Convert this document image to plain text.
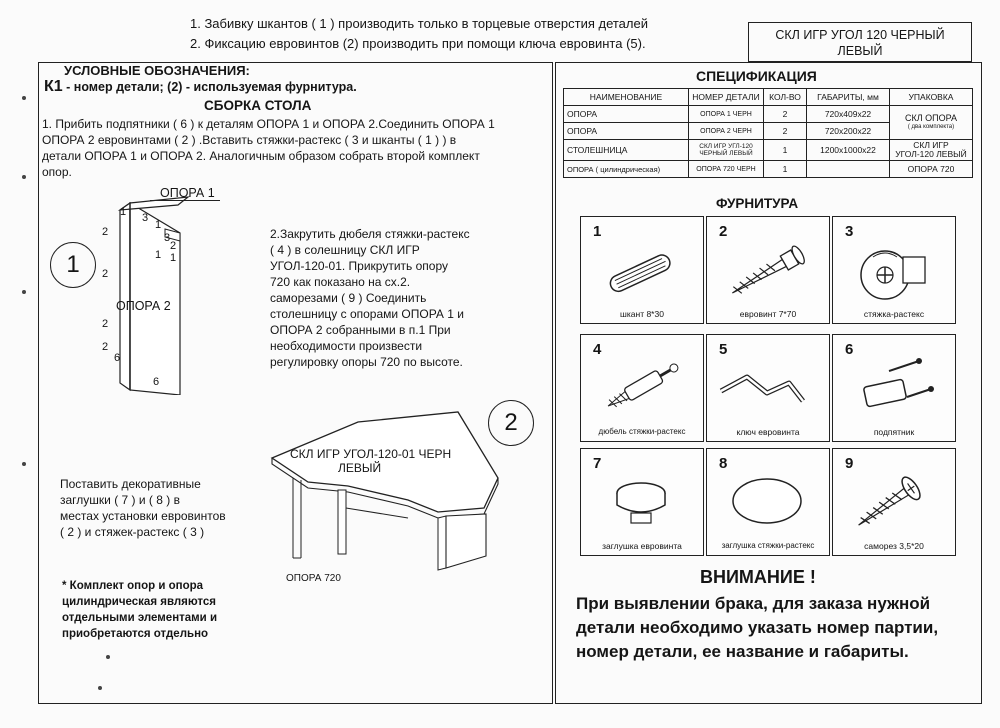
1. Забивку шкантов ( 1 ) производить только в торцевые отверстия деталей
2. Фиксацию евровинтов (2) производить при помощи ключа евровинта (5).
СКЛ ИГР УГОЛ 120 ЧЕРНЫЙ
ЛЕВЫЙ
УСЛОВНЫЕ ОБОЗНАЧЕНИЯ:
К1 - номер детали; (2) - используемая фурнитура.
СБОРКА СТОЛА
1. Прибить подпятники ( 6 ) к деталям ОПОРА 1 и ОПОРА 2.Соединить ОПОРА 1
ОПОРА 2 евровинтами ( 2 ) .Вставить стяжки-растекс ( 3 и шканты ( 1 ) ) в
детали ОПОРА 1 и ОПОРА 2. Аналогичным образом собрать второй комплект
опор.
1
ОПОРА 1
ОПОРА 2
1 3
1
3
2
2
1 1
2
2
2
6
6
2.Закрутить дюбеля стяжки-растекс
( 4 ) в солешницу СКЛ ИГР
УГОЛ-120-01. Прикрутить опору
720 как показано на сх.2.
саморезами ( 9 ) Соединить
столешницу с опорами ОПОРА 1 и
ОПОРА 2 собранными в п.1 При
необходимости произвести
регулировку опоры 720 по высоте.
2
СКЛ ИГР УГОЛ-120-01 ЧЕРН
ЛЕВЫЙ
ОПОРА 720
Поставить декоративные
заглушки ( 7 ) и ( 8 ) в
местах установки евровинтов
( 2 ) и стяжек-растекс ( 3 )
* Комплект опор и опора
цилиндрическая являются
отдельными элементами и
приобретаются отдельно
СПЕЦИФИКАЦИЯ
НАИМЕНОВАНИЕ	НОМЕР ДЕТАЛИ	КОЛ-ВО	ГАБАРИТЫ, мм	УПАКОВКА
ОПОРА	ОПОРА 1 ЧЕРН	2	720х409х22	СКЛ ОПОРА
( два комплекта)

ОПОРА	ОПОРА 2 ЧЕРН	2	720х200х22	
СТОЛЕШНИЦА	СКЛ ИГР УГЛ-120 ЧЕРНЫЙ ЛЕВЫЙ	1	1200х1000х22	СКЛ ИГР УГОЛ-120 ЛЕВЫЙ
ОПОРА ( цилиндрическая)	ОПОРА 720 ЧЕРН	1		ОПОРА 720
ФУРНИТУРА
1
шкант 8*30
2
евровинт 7*70
3
стяжка-растекс
4
дюбель стяжки-растекс
5
ключ евровинта
6
подпятник
7
заглушка евровинта
8
заглушка стяжки-растекс
9
саморез 3,5*20
ВНИМАНИЕ !
При выявлении брака, для заказа нужной
детали необходимо указать номер партии,
номер детали, ее название и габариты.
